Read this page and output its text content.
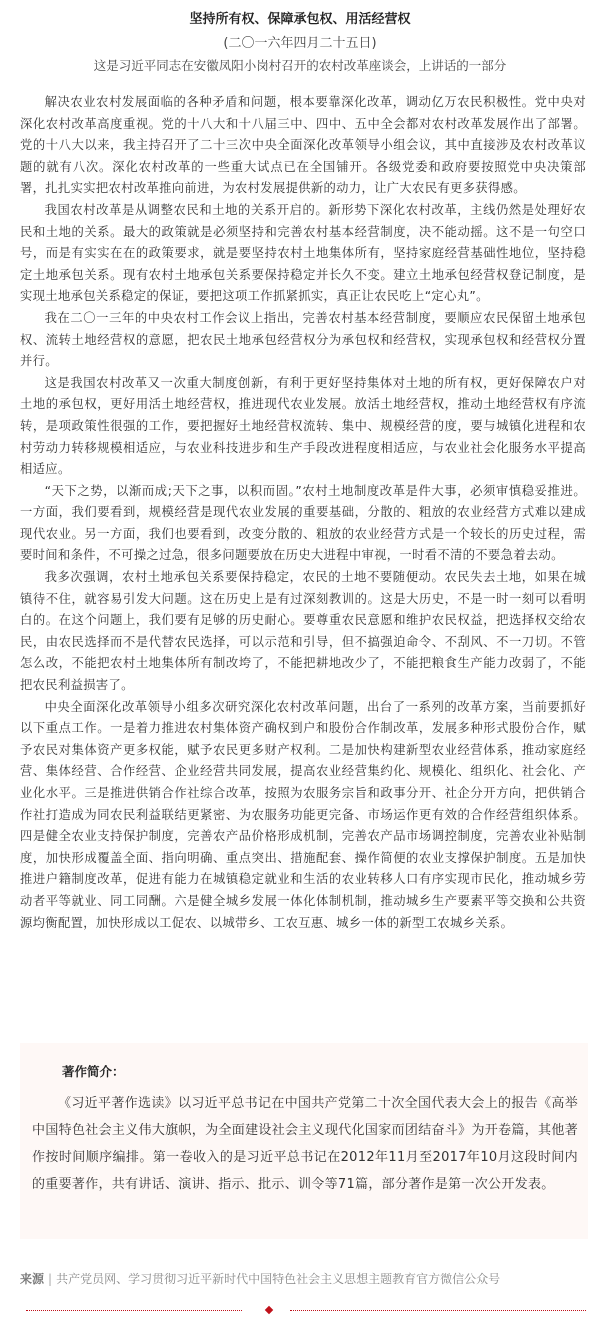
坚持所有权、保障承包权、用活经营权
(二〇一六年四月二十五日)
这是习近平同志在安徽凤阳小岗村召开的农村改革座谈会，上讲话的一部分

解决农业农村发展面临的各种矛盾和问题，根本要靠深化改革，调动亿万农民积极性。党中央对深化农村改革高度重视。党的十八大和十八届三中、四中、五中全会都对农村改革发展作出了部署。党的十八大以来，我主持召开了二十三次中央全面深化改革领导小组会议，其中直接涉及农村改革议题的就有八次。深化农村改革的一些重大试点已在全国铺开。各级党委和政府要按照党中央决策部署，扎扎实实把农村改革推向前进，为农村发展提供新的动力，让广大农民有更多获得感。

我国农村改革是从调整农民和土地的关系开启的。新形势下深化农村改革，主线仍然是处理好农民和土地的关系。最大的政策就是必须坚持和完善农村基本经营制度，决不能动摇。这不是一句空口号，而是有实实在在的政策要求，就是要坚持农村土地集体所有，坚持家庭经营基础性地位，坚持稳定土地承包关系。现有农村土地承包关系要保持稳定并长久不变。建立土地承包经营权登记制度，是实现土地承包关系稳定的保证，要把这项工作抓紧抓实，真正让农民吃上“定心丸”。

我在二〇一三年的中央农村工作会议上指出，完善农村基本经营制度，要顺应农民保留土地承包权、流转土地经营权的意愿，把农民土地承包经营权分为承包权和经营权，实现承包权和经营权分置并行。

这是我国农村改革又一次重大制度创新，有利于更好坚持集体对土地的所有权，更好保障农户对土地的承包权，更好用活土地经营权，推进现代农业发展。放活土地经营权，推动土地经营权有序流转，是项政策性很强的工作，要把握好土地经营权流转、集中、规模经营的度，要与城镇化进程和农村劳动力转移规模相适应，与农业科技进步和生产手段改进程度相适应，与农业社会化服务水平提高相适应。

“天下之势，以渐而成;天下之事，以积而固。”农村土地制度改革是件大事，必须审慎稳妥推进。一方面，我们要看到，规模经营是现代农业发展的重要基础，分散的、粗放的农业经营方式难以建成现代农业。另一方面，我们也要看到，改变分散的、粗放的农业经营方式是一个较长的历史过程，需要时间和条件，不可操之过急，很多问题要放在历史大进程中审视，一时看不清的不要急着去动。

我多次强调，农村土地承包关系要保持稳定，农民的土地不要随便动。农民失去土地，如果在城镇待不住，就容易引发大问题。这在历史上是有过深刻教训的。这是大历史，不是一时一刻可以看明白的。在这个问题上，我们要有足够的历史耐心。要尊重农民意愿和维护农民权益，把选择权交给农民，由农民选择而不是代替农民选择，可以示范和引导，但不搞强迫命令、不刮风、不一刀切。不管怎么改，不能把农村土地集体所有制改垮了，不能把耕地改少了，不能把粮食生产能力改弱了，不能把农民利益损害了。

中央全面深化改革领导小组多次研究深化农村改革问题，出台了一系列的改革方案，当前要抓好以下重点工作。一是着力推进农村集体资产确权到户和股份合作制改革，发展多种形式股份合作，赋予农民对集体资产更多权能，赋予农民更多财产权利。二是加快构建新型农业经营体系，推动家庭经营、集体经营、合作经营、企业经营共同发展，提高农业经营集约化、规模化、组织化、社会化、产业化水平。三是推进供销合作社综合改革，按照为农服务宗旨和政事分开、社企分开方向，把供销合作社打造成为同农民利益联结更紧密、为农服务功能更完备、市场运作更有效的合作经营组织体系。四是健全农业支持保护制度，完善农产品价格形成机制，完善农产品市场调控制度，完善农业补贴制度，加快形成覆盖全面、指向明确、重点突出、措施配套、操作简便的农业支撑保护制度。五是加快推进户籍制度改革，促进有能力在城镇稳定就业和生活的农业转移人口有序实现市民化，推动城乡劳动者平等就业、同工同酬。六是健全城乡发展一体化体制机制，推动城乡生产要素平等交换和公共资源均衡配置，加快形成以工促农、以城带乡、工农互惠、城乡一体的新型工农城乡关系。

著作简介：

《习近平著作选读》以习近平总书记在中国共产党第二十次全国代表大会上的报告《高举中国特色社会主义伟大旗帜，为全面建设社会主义现代化国家而团结奋斗》为开卷篇，其他著作按时间顺序编排。第一卷收入的是习近平总书记在2012年11月至2017年10月这段时间内的重要著作，共有讲话、演讲、指示、批示、训令等71篇，部分著作是第一次公开发表。

来源 | 共产党员网、学习贯彻习近平新时代中国特色社会主义思想主题教育官方微信公众号
